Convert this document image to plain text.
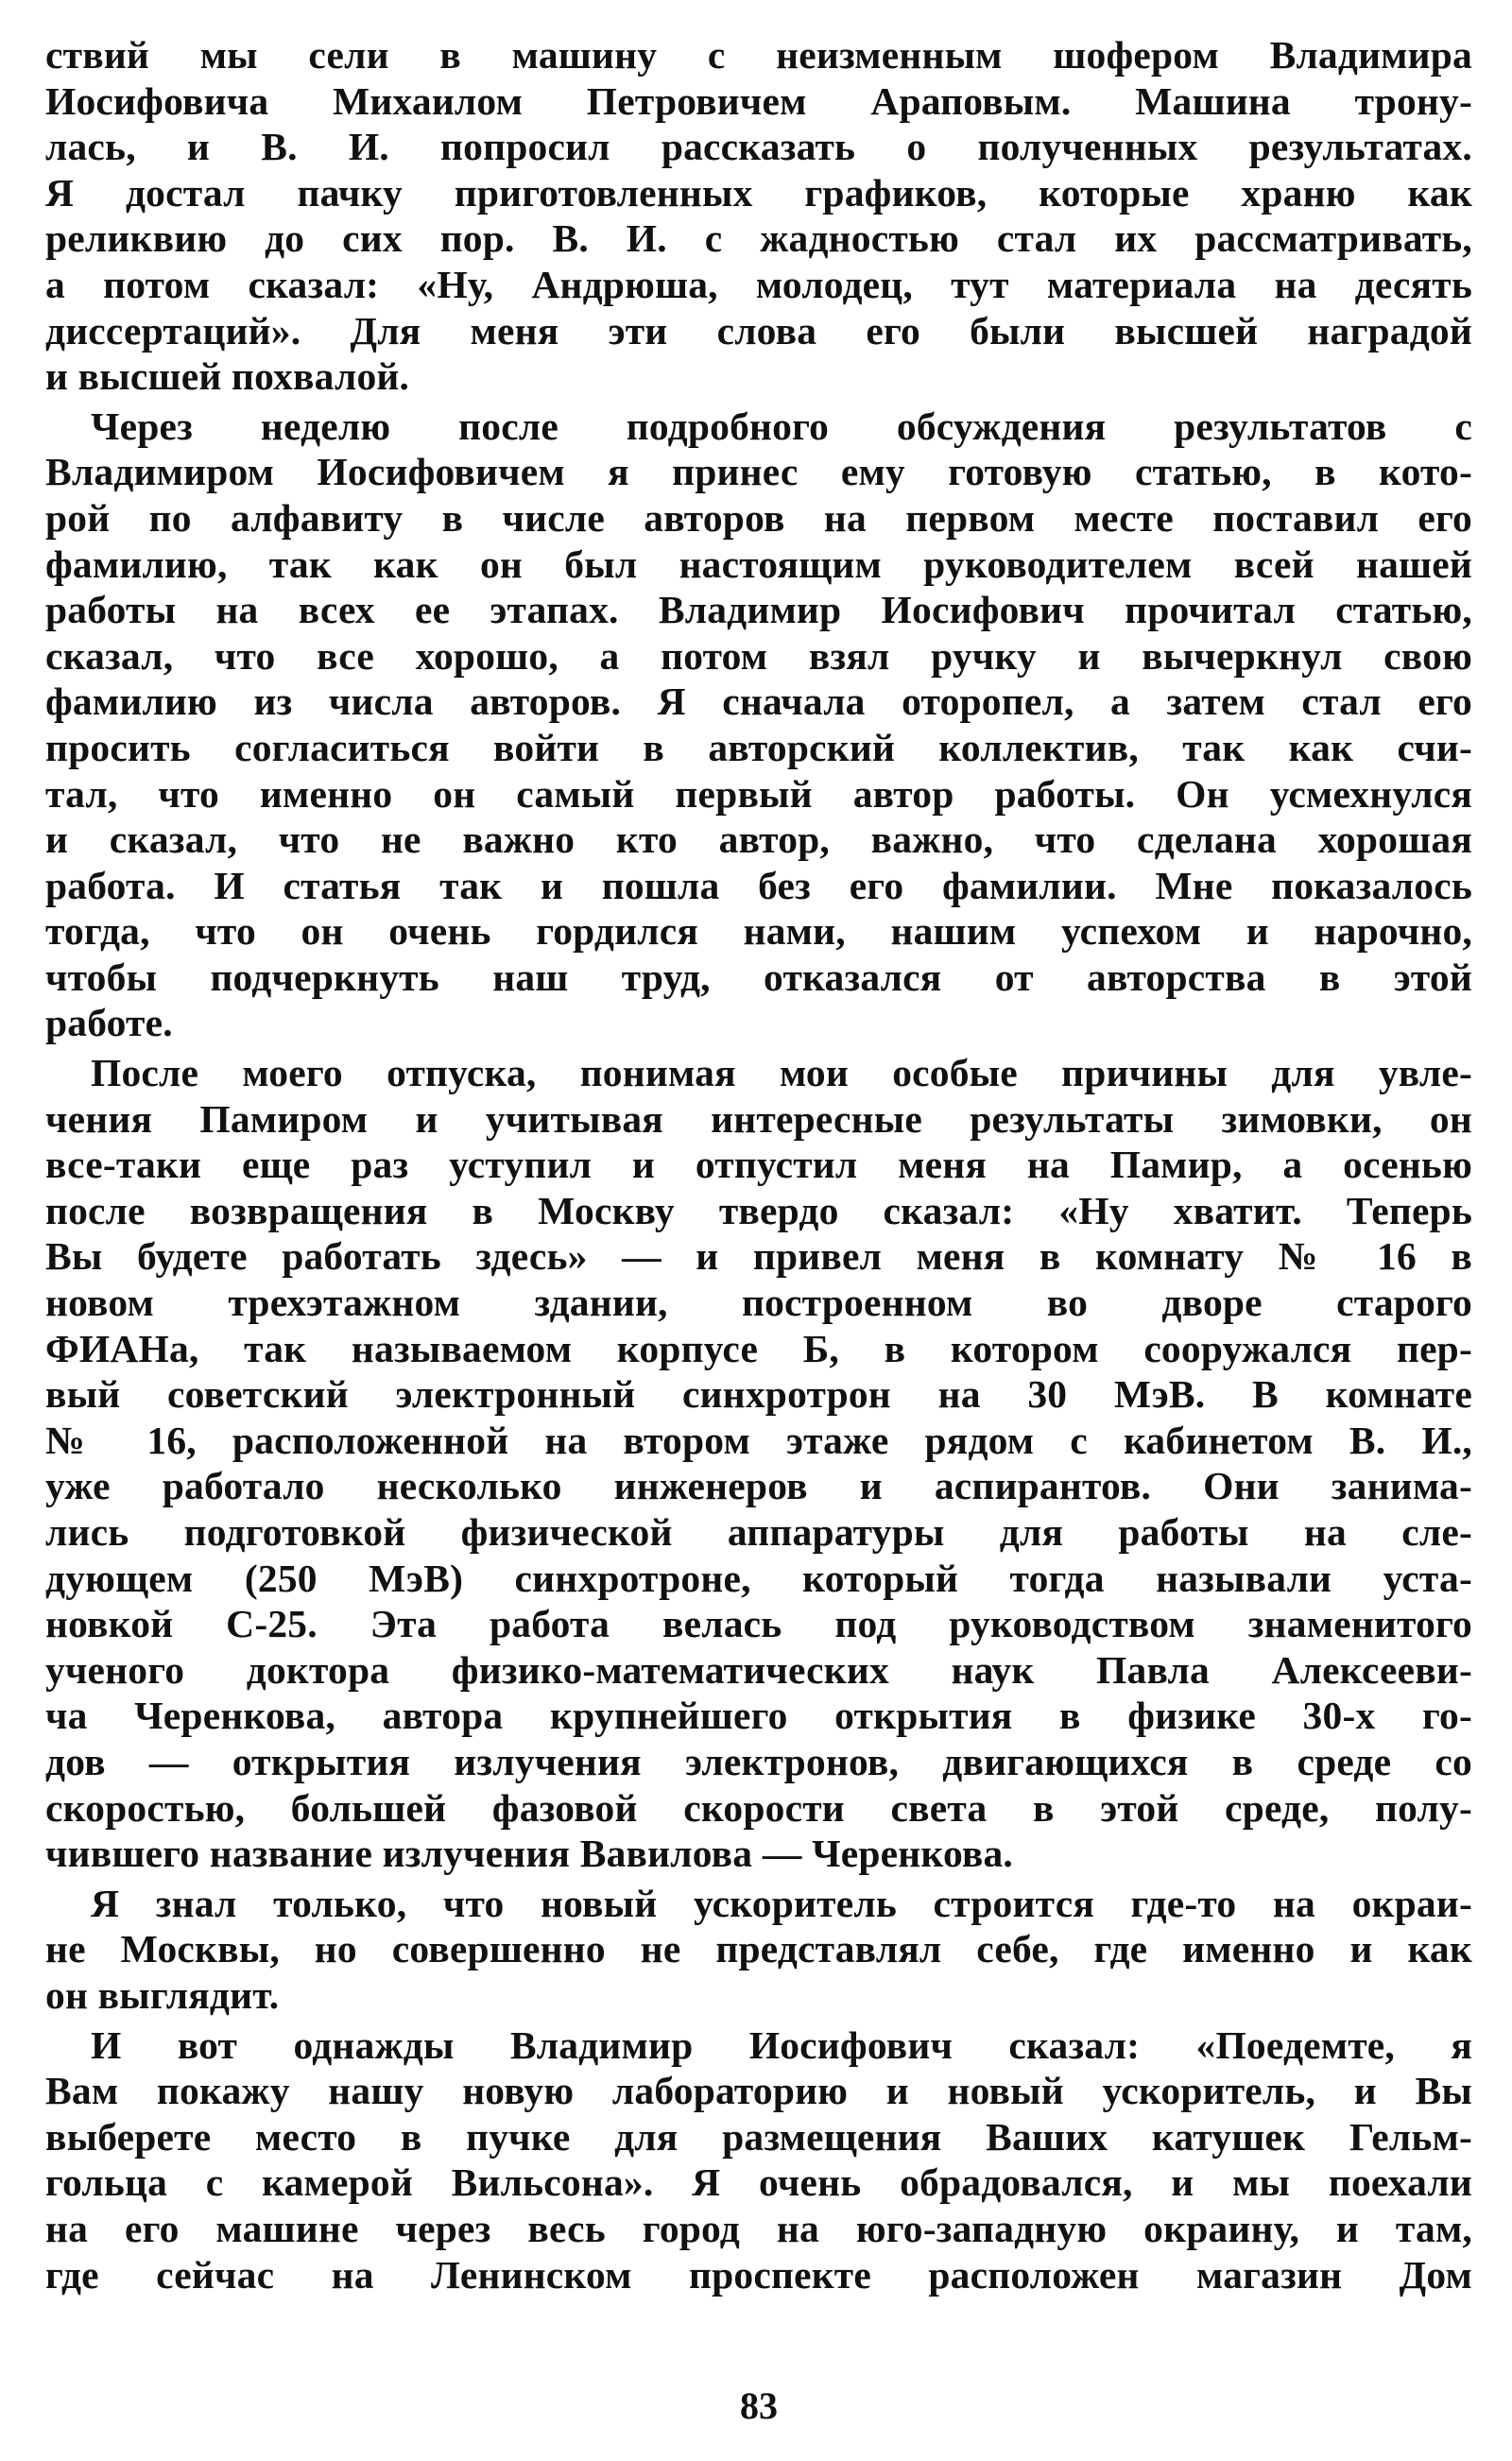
ствий мы сели в машину с неизменным шофером Владимира
Иосифовича Михаилом Петровичем Араповым. Машина трону-
лась, и В. И. попросил рассказать о полученных результатах.
Я достал пачку приготовленных графиков, которые храню как
реликвию до сих пор. В. И. с жадностью стал их рассматривать,
а потом сказал: «Ну, Андрюша, молодец, тут материала на десять
диссертаций». Для меня эти слова его были высшей наградой
и высшей похвалой.
Через неделю после подробного обсуждения результатов с
Владимиром Иосифовичем я принес ему готовую статью, в кото-
рой по алфавиту в числе авторов на первом месте поставил его
фамилию, так как он был настоящим руководителем всей нашей
работы на всех ее этапах. Владимир Иосифович прочитал статью,
сказал, что все хорошо, а потом взял ручку и вычеркнул свою
фамилию из числа авторов. Я сначала оторопел, а затем стал его
просить согласиться войти в авторский коллектив, так как счи-
тал, что именно он самый первый автор работы. Он усмехнулся
и сказал, что не важно кто автор, важно, что сделана хорошая
работа. И статья так и пошла без его фамилии. Мне показалось
тогда, что он очень гордился нами, нашим успехом и нарочно,
чтобы подчеркнуть наш труд, отказался от авторства в этой
работе.
После моего отпуска, понимая мои особые причины для увле-
чения Памиром и учитывая интересные результаты зимовки, он
все-таки еще раз уступил и отпустил меня на Памир, а осенью
после возвращения в Москву твердо сказал: «Ну хватит. Теперь
Вы будете работать здесь» — и привел меня в комнату № 16 в
новом трехэтажном здании, построенном во дворе старого
ФИАНа, так называемом корпусе Б, в котором сооружался пер-
вый советский электронный синхротрон на 30 МэВ. В комнате
№ 16, расположенной на втором этаже рядом с кабинетом В. И.,
уже работало несколько инженеров и аспирантов. Они занима-
лись подготовкой физической аппаратуры для работы на сле-
дующем (250 МэВ) синхротроне, который тогда называли уста-
новкой С-25. Эта работа велась под руководством знаменитого
ученого доктора физико-математических наук Павла Алексееви-
ча Черенкова, автора крупнейшего открытия в физике 30-х го-
дов — открытия излучения электронов, двигающихся в среде со
скоростью, большей фазовой скорости света в этой среде, полу-
чившего название излучения Вавилова — Черенкова.
Я знал только, что новый ускоритель строится где-то на окраи-
не Москвы, но совершенно не представлял себе, где именно и как
он выглядит.
И вот однажды Владимир Иосифович сказал: «Поедемте, я
Вам покажу нашу новую лабораторию и новый ускоритель, и Вы
выберете место в пучке для размещения Ваших катушек Гельм-
гольца с камерой Вильсона». Я очень обрадовался, и мы поехали
на его машине через весь город на юго-западную окраину, и там,
где сейчас на Ленинском проспекте расположен магазин Дом
83
